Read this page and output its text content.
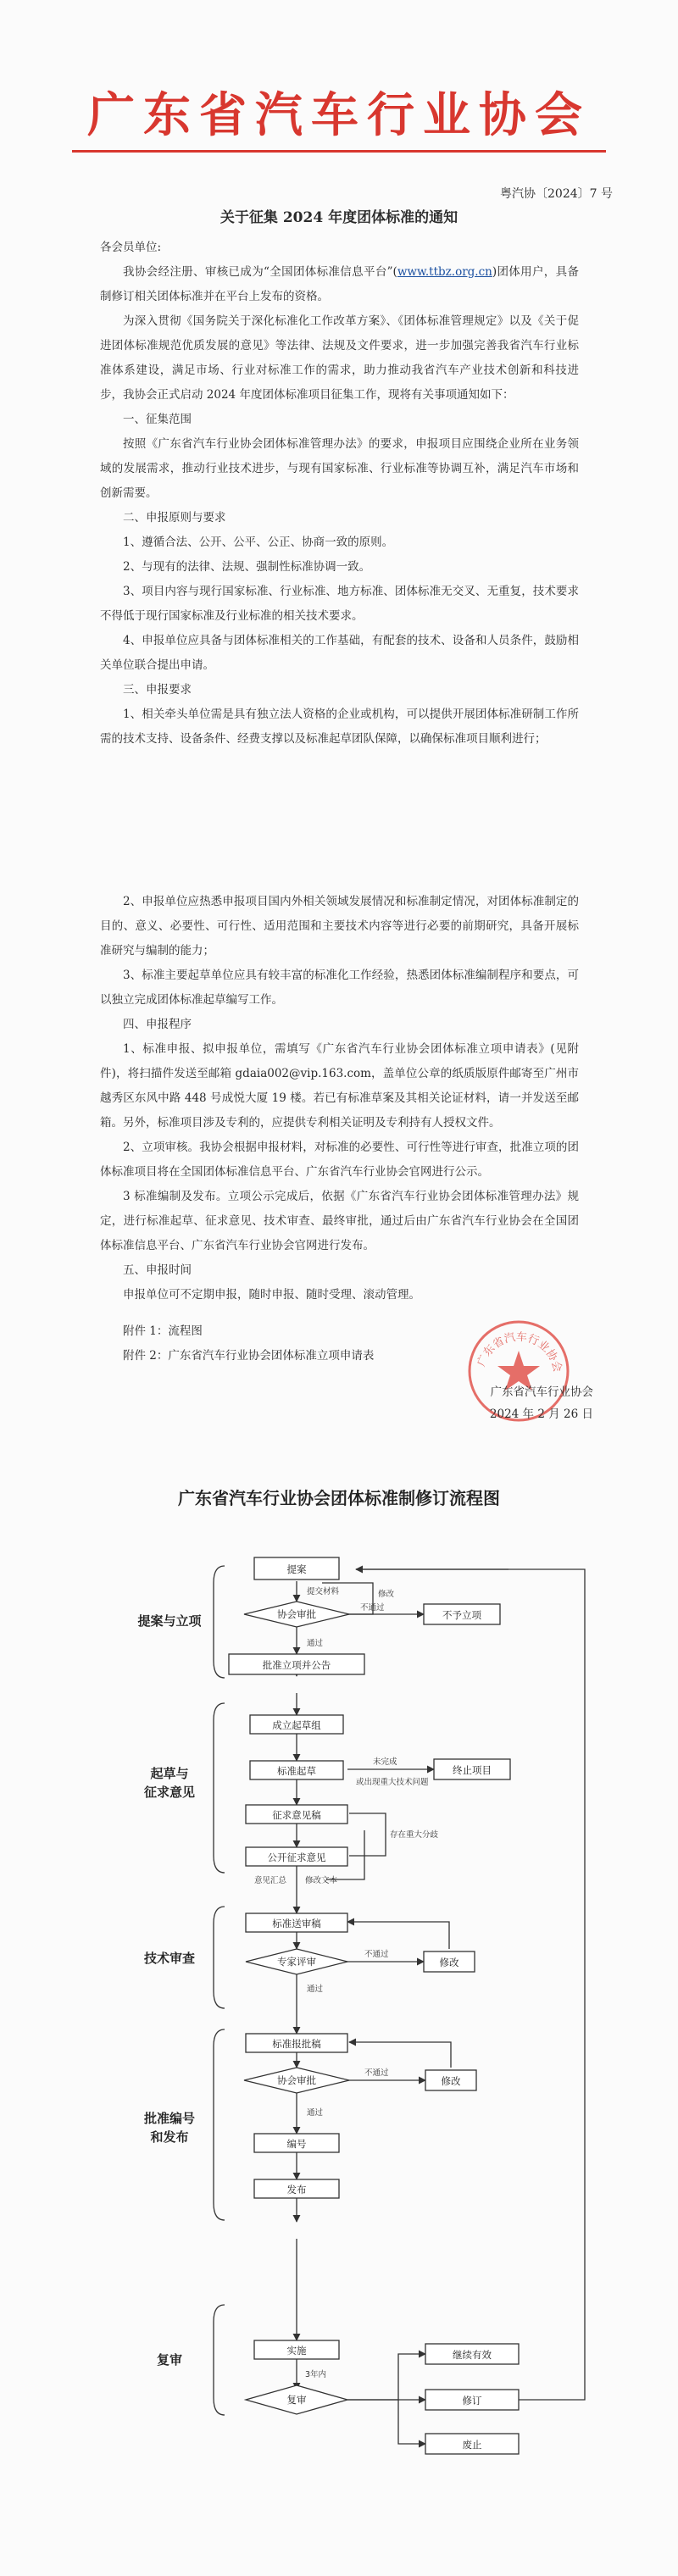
广东省汽车行业协会

粤汽协〔2024〕7 号

关于征集 2024 年度团体标准的通知

各会员单位:

我协会经注册、审核已成为“全国团体标准信息平台”(www.ttbz.org.cn)团体用户，具备制修订相关团体标准并在平台上发布的资格。

为深入贯彻《国务院关于深化标准化工作改革方案》、《团体标准管理规定》以及《关于促进团体标准规范优质发展的意见》等法律、法规及文件要求，进一步加强完善我省汽车行业标准体系建设，满足市场、行业对标准工作的需求，助力推动我省汽车产业技术创新和科技进步，我协会正式启动 2024 年度团体标准项目征集工作，现将有关事项通知如下：

一、征集范围

按照《广东省汽车行业协会团体标准管理办法》的要求，申报项目应围绕企业所在业务领域的发展需求，推动行业技术进步，与现有国家标准、行业标准等协调互补，满足汽车市场和创新需要。

二、申报原则与要求

1、遵循合法、公开、公平、公正、协商一致的原则。

2、与现有的法律、法规、强制性标准协调一致。

3、项目内容与现行国家标准、行业标准、地方标准、团体标准无交叉、无重复，技术要求不得低于现行国家标准及行业标准的相关技术要求。

4、申报单位应具备与团体标准相关的工作基础，有配套的技术、设备和人员条件，鼓励相关单位联合提出申请。

三、申报要求

1、相关牵头单位需是具有独立法人资格的企业或机构，可以提供开展团体标准研制工作所需的技术支持、设备条件、经费支撑以及标准起草团队保障，以确保标准项目顺利进行；

2、申报单位应热悉申报项目国内外相关领域发展情况和标准制定情况，对团体标准制定的目的、意义、必要性、可行性、适用范围和主要技术内容等进行必要的前期研究，具备开展标准研究与编制的能力；

3、标准主要起草单位应具有较丰富的标准化工作经验，热悉团体标准编制程序和要点，可以独立完成团体标准起草编写工作。

四、申报程序

1、标准申报、拟申报单位，需填写《广东省汽车行业协会团体标准立项申请表》(见附件)，将扫描件发送至邮箱 gdaia002@vip.163.com，盖单位公章的纸质版原件邮寄至广州市越秀区东风中路 448 号成悦大厦 19 楼。若已有标准草案及其相关论证材料，请一并发送至邮箱。另外，标准项目涉及专利的，应提供专利相关证明及专利持有人授权文件。

2、立项审核。我协会根据申报材料，对标准的必要性、可行性等进行审查，批准立项的团体标准项目将在全国团体标准信息平台、广东省汽车行业协会官网进行公示。

3 标准编制及发布。立项公示完成后，依据《广东省汽车行业协会团体标准管理办法》规定，进行标准起草、征求意见、技术审查、最终审批，通过后由广东省汽车行业协会在全国团体标准信息平台、广东省汽车行业协会官网进行发布。

五、申报时间

申报单位可不定期申报，随时申报、随时受理、滚动管理。

附件 1：流程图

附件 2：广东省汽车行业协会团体标准立项申请表	广东省汽车行业协会
广东省汽车行业协会
2024 年 2 月 26 日
广东省汽车行业协会团体标准制修订流程图
提案与立项
起草与
征求意见
技术审查
批准编号
和发布
复审
提案
协会审批	不予立项
批准立项并公告
成立起草组
标准起草	终止项目
征求意见稿
公开征求意见
标准送审稿
专家评审	修改
标准报批稿
协会审批	修改
编号
发布
实施
复审
继续有效
修订
废止
提交材料	修改
不通过
通过
未完成
或出现重大技术问题
存在重大分歧
意见汇总 修改文本
不通过
通过
不通过
通过
3年内
